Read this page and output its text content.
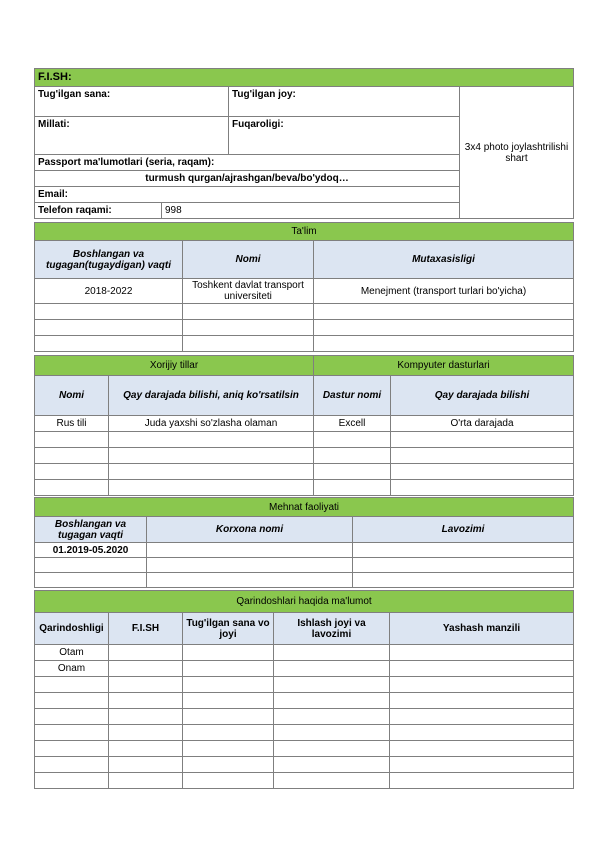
F.I.SH:			
Tug'ilgan sana:		Tug'ilgan joy:	3x4 photo joylashtrilishi shart
Millati:		Fuqaroligi:	
Passport ma'lumotlari (seria, raqam):			
turmush qurgan/ajrashgan/beva/bo'ydoq…			
Email:			
Telefon raqami:	998		
Ta'lim		
Boshlangan va tugagan(tugaydigan) vaqti	Nomi	Mutaxasisligi
2018-2022	Toshkent davlat transport universiteti	Menejment (transport turlari bo'yicha)

Xorijiy tillar		Kompyuter dasturlari	
Nomi	Qay darajada bilishi, aniq ko'rsatilsin	Dastur nomi	Qay darajada bilishi
Rus tili	Juda yaxshi so'zlasha olaman	Excell	O'rta darajada

Mehnat faoliyati		
Boshlangan va tugagan vaqti	Korxona nomi	Lavozimi
01.2019-05.2020		

Qarindoshlari haqida ma'lumot				
Qarindoshligi	F.I.SH	Tug'ilgan sana vo joyi	Ishlash joyi va lavozimi	Yashash manzili
Otam				
Onam				
